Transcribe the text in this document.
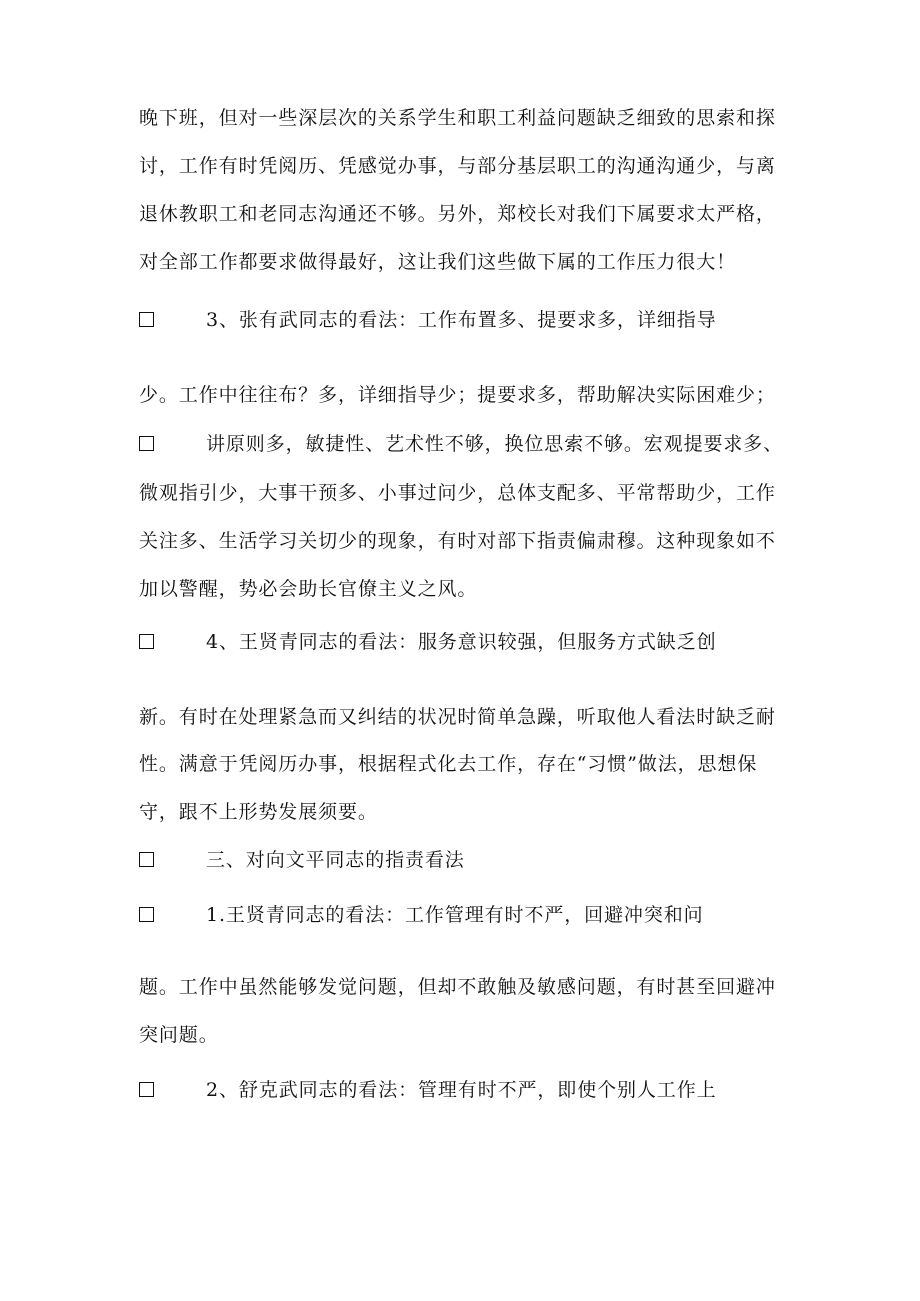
晚下班，但对一些深层次的关系学生和职工利益问题缺乏细致的思索和探
讨，工作有时凭阅历、凭感觉办事，与部分基层职工的沟通沟通少，与离
退休教职工和老同志沟通还不够。另外，郑校长对我们下属要求太严格，
对全部工作都要求做得最好，这让我们这些做下属的工作压力很大！
3、张有武同志的看法：工作布置多、提要求多，详细指导
少。工作中往往布？多，详细指导少；提要求多，帮助解决实际困难少；
讲原则多，敏捷性、艺术性不够，换位思索不够。宏观提要求多、
微观指引少，大事干预多、小事过问少，总体支配多、平常帮助少，工作
关注多、生活学习关切少的现象，有时对部下指责偏肃穆。这种现象如不
加以警醒，势必会助长官僚主义之风。
4、王贤青同志的看法：服务意识较强，但服务方式缺乏创
新。有时在处理紧急而又纠结的状况时简单急躁，听取他人看法时缺乏耐
性。满意于凭阅历办事，根据程式化去工作，存在“习惯”做法，思想保
守，跟不上形势发展须要。
三、对向文平同志的指责看法
1.王贤青同志的看法：工作管理有时不严，回避冲突和问
题。工作中虽然能够发觉问题，但却不敢触及敏感问题，有时甚至回避冲
突问题。
2、舒克武同志的看法：管理有时不严，即使个别人工作上
